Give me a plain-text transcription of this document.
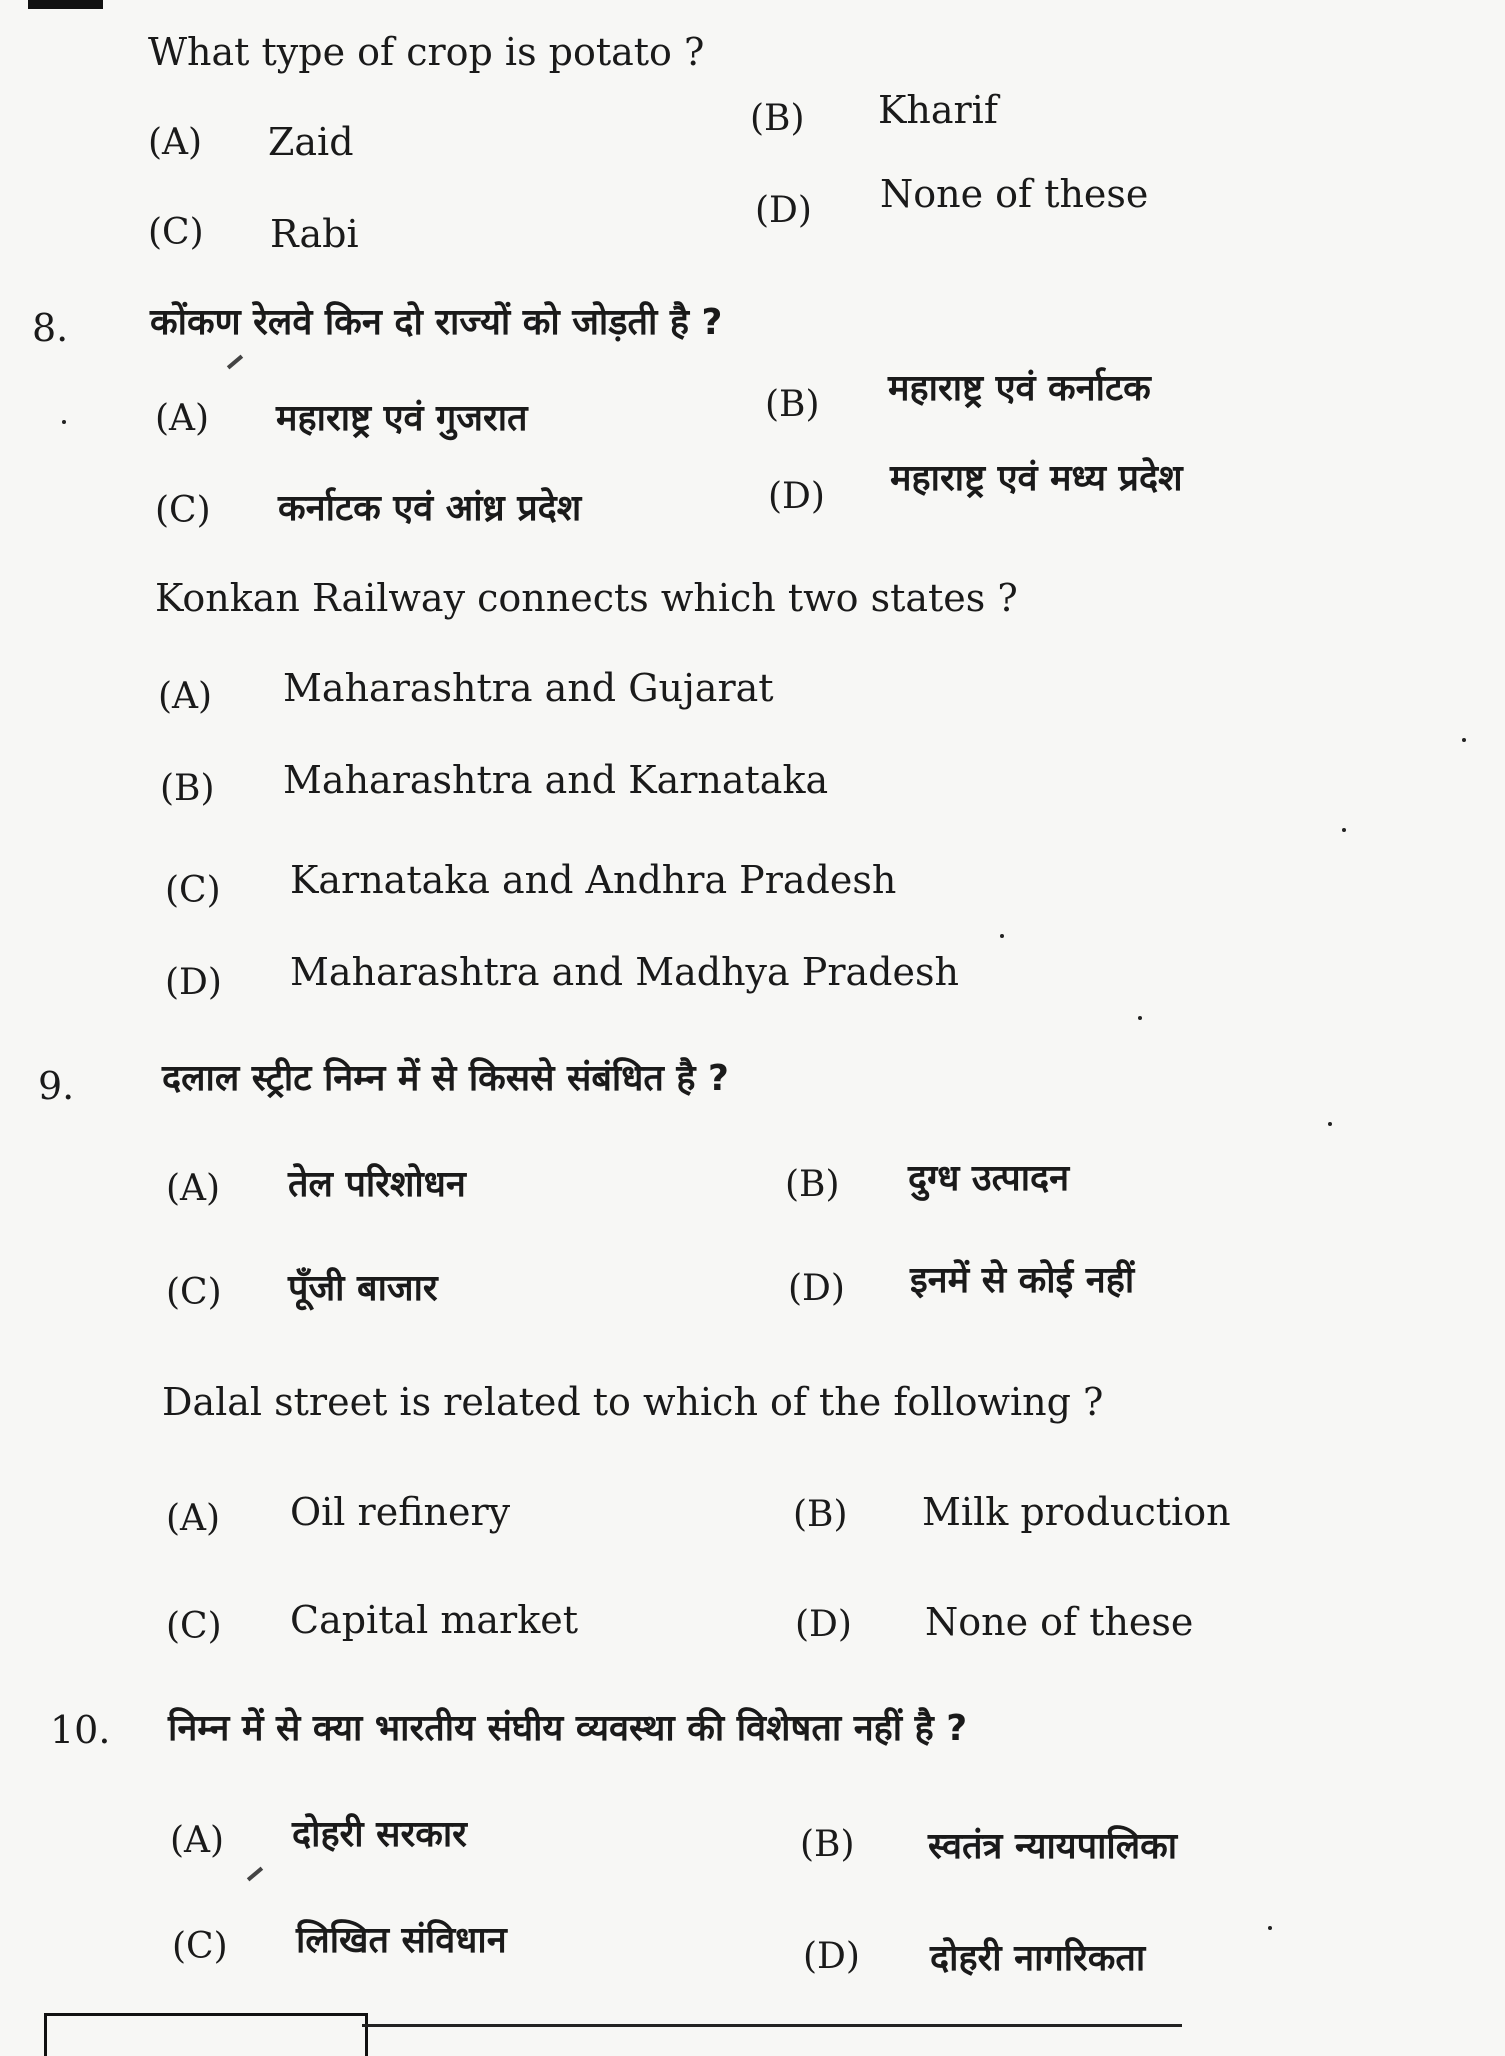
What type of crop is potato ?
(A) Zaid
(B) Kharif
(C) Rabi
(D) None of these
8. कोंकण रेलवे किन दो राज्यों को जोड़ती है ?
(A) महाराष्ट्र एवं गुजरात	(B) महाराष्ट्र एवं कर्नाटक
(C) कर्नाटक एवं आंध्र प्रदेश	(D) महाराष्ट्र एवं मध्य प्रदेश
Konkan Railway connects which two states ?
(A) Maharashtra and Gujarat
(B) Maharashtra and Karnataka
(C) Karnataka and Andhra Pradesh
(D) Maharashtra and Madhya Pradesh
9. दलाल स्ट्रीट निम्न में से किससे संबंधित है ?
(A) तेल परिशोधन	(B) दुग्ध उत्पादन
(C) पूँजी बाजार	(D) इनमें से कोई नहीं
Dalal street is related to which of the following ?
(A) Oil refinery	(B) Milk production
(C) Capital market	(D) None of these
10. निम्न में से क्या भारतीय संघीय व्यवस्था की विशेषता नहीं है ?
(A) दोहरी सरकार	(B) स्वतंत्र न्यायपालिका
(C) लिखित संविधान	(D) दोहरी नागरिकता
